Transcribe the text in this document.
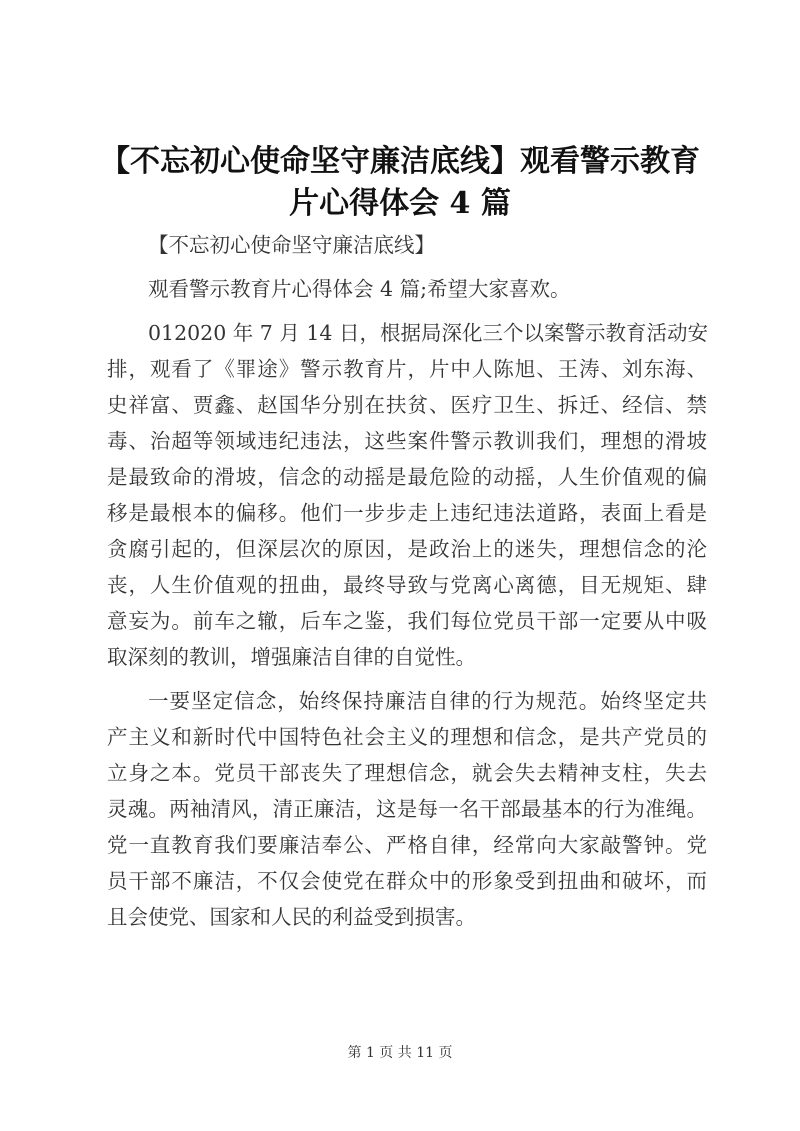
【不忘初心使命坚守廉洁底线】观看警示教育
片心得体会 4 篇
【不忘初心使命坚守廉洁底线】
观看警示教育片心得体会 4 篇;希望大家喜欢。
012020 年 7 月 14 日，根据局深化三个以案警示教育活动安
排，观看了《罪途》警示教育片，片中人陈旭、王涛、刘东海、
史祥富、贾鑫、赵国华分别在扶贫、医疗卫生、拆迁、经信、禁
毒、治超等领域违纪违法，这些案件警示教训我们，理想的滑坡
是最致命的滑坡，信念的动摇是最危险的动摇，人生价值观的偏
移是最根本的偏移。他们一步步走上违纪违法道路，表面上看是
贪腐引起的，但深层次的原因，是政治上的迷失，理想信念的沦
丧，人生价值观的扭曲，最终导致与党离心离德，目无规矩、肆
意妄为。前车之辙，后车之鉴，我们每位党员干部一定要从中吸
取深刻的教训，增强廉洁自律的自觉性。
一要坚定信念，始终保持廉洁自律的行为规范。始终坚定共
产主义和新时代中国特色社会主义的理想和信念，是共产党员的
立身之本。党员干部丧失了理想信念，就会失去精神支柱，失去
灵魂。两袖清风，清正廉洁，这是每一名干部最基本的行为准绳。
党一直教育我们要廉洁奉公、严格自律，经常向大家敲警钟。党
员干部不廉洁，不仅会使党在群众中的形象受到扭曲和破坏，而
且会使党、国家和人民的利益受到损害。
第 1 页 共 11 页
